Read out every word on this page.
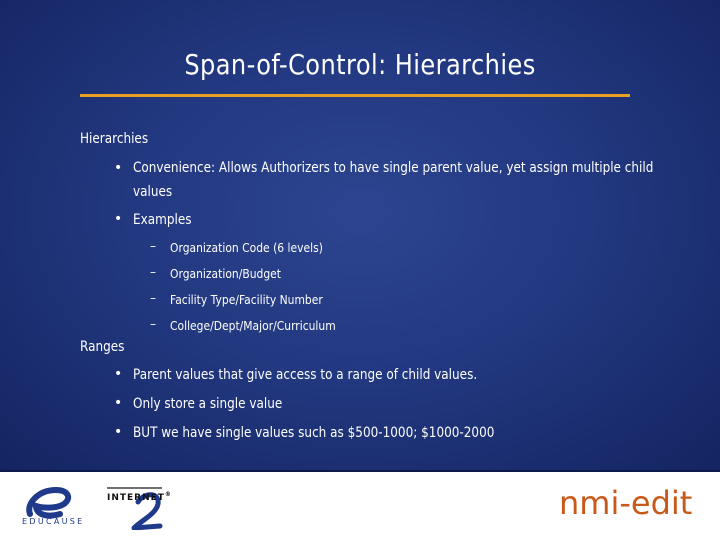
Span-of-Control: Hierarchies
Hierarchies
• Convenience: Allows Authorizers to have single parent value, yet assign multiple child
values
• Examples
– Organization Code (6 levels)
– Organization/Budget
– Facility Type/Facility Number
– College/Dept/Major/Curriculum
Ranges
• Parent values that give access to a range of child values.
• Only store a single value
• BUT we have single values such as $500-1000; $1000-2000
EDUCAUSE
INTERNET®	nmi-edit
